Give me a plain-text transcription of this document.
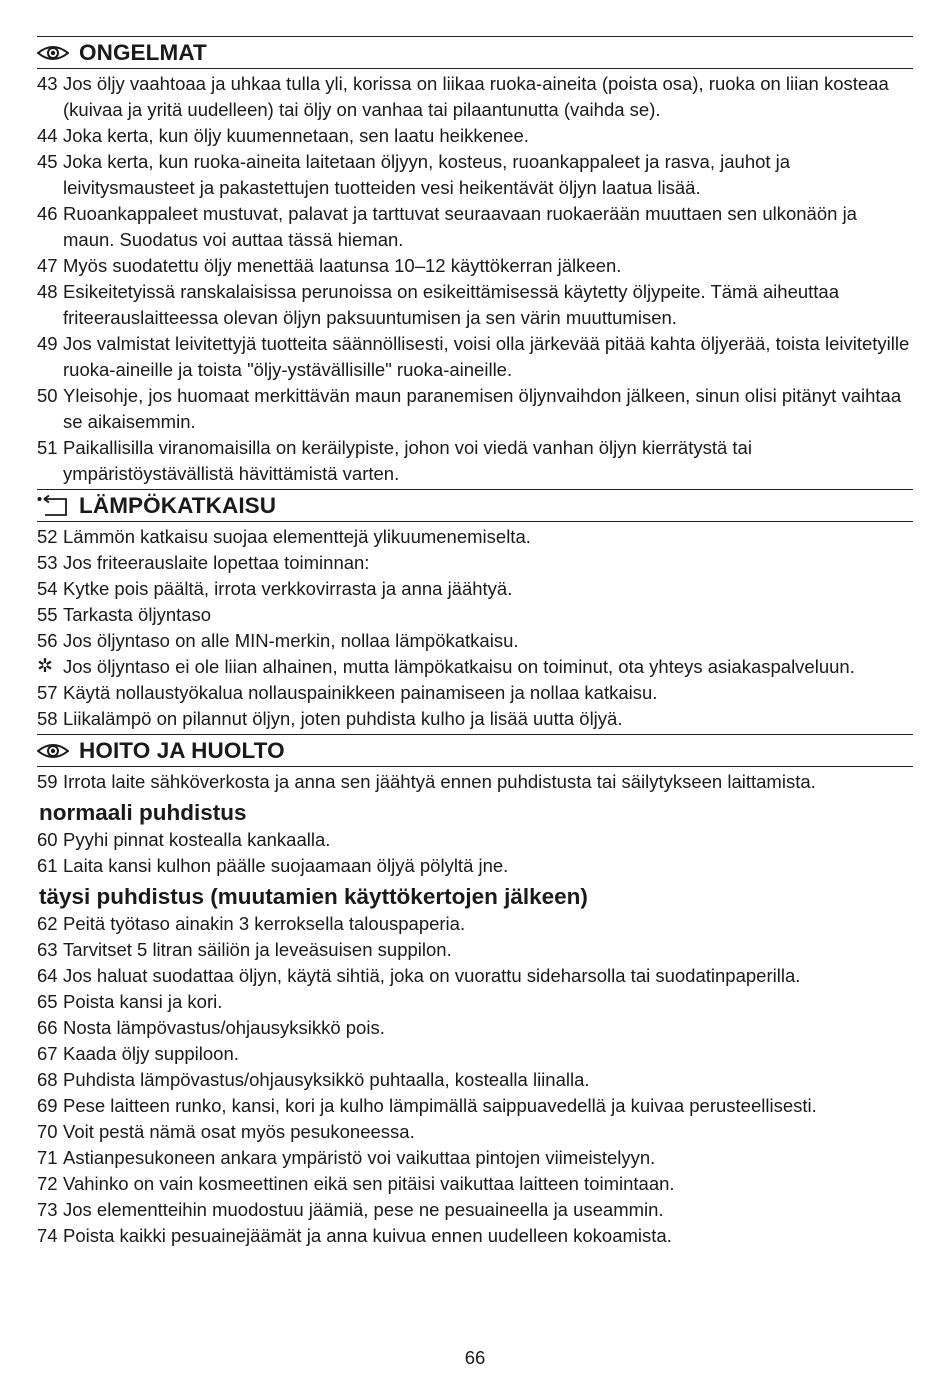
ONGELMAT
43 Jos öljy vaahtoaa ja uhkaa tulla yli, korissa on liikaa ruoka-aineita (poista osa), ruoka on liian kosteaa (kuivaa ja yritä uudelleen) tai öljy on vanhaa tai pilaantunutta (vaihda se).
44 Joka kerta, kun öljy kuumennetaan, sen laatu heikkenee.
45 Joka kerta, kun ruoka-aineita laitetaan öljyyn, kosteus, ruoankappaleet ja rasva, jauhot ja leivitysmausteet ja pakastettujen tuotteiden vesi heikentävät öljyn laatua lisää.
46 Ruoankappaleet mustuvat, palavat ja tarttuvat seuraavaan ruokaerään muuttaen sen ulkonäön ja maun. Suodatus voi auttaa tässä hieman.
47 Myös suodatettu öljy menettää laatunsa 10–12 käyttökerran jälkeen.
48 Esikeitetyissä ranskalaisissa perunoissa on esikeittämisessä käytetty öljypeite. Tämä aiheuttaa friteerauslaitteessa olevan öljyn paksuuntumisen ja sen värin muuttumisen.
49 Jos valmistat leivitettyjä tuotteita säännöllisesti, voisi olla järkevää pitää kahta öljyerää, toista leivitetyille ruoka-aineille ja toista "öljy-ystävällisille" ruoka-aineille.
50 Yleisohje, jos huomaat merkittävän maun paranemisen öljynvaihdon jälkeen, sinun olisi pitänyt vaihtaa se aikaisemmin.
51 Paikallisilla viranomaisilla on keräilypiste, johon voi viedä vanhan öljyn kierrätystä tai ympäristöystävällistä hävittämistä varten.
LÄMPÖKATKAISU
52 Lämmön katkaisu suojaa elementtejä ylikuumenemiselta.
53 Jos friteerauslaite lopettaa toiminnan:
54 Kytke pois päältä, irrota verkkovirrasta ja anna jäähtyä.
55 Tarkasta öljyntaso
56 Jos öljyntaso on alle MIN-merkin, nollaa lämpökatkaisu.
✲ Jos öljyntaso ei ole liian alhainen, mutta lämpökatkaisu on toiminut, ota yhteys asiakaspalveluun.
57 Käytä nollaustyökalua nollauspainikkeen painamiseen ja nollaa katkaisu.
58 Liikalämpö on pilannut öljyn, joten puhdista kulho ja lisää uutta öljyä.
HOITO JA HUOLTO
59 Irrota laite sähköverkosta ja anna sen jäähtyä ennen puhdistusta tai säilytykseen laittamista.
normaali puhdistus
60 Pyyhi pinnat kostealla kankaalla.
61 Laita kansi kulhon päälle suojaamaan öljyä pölyltä jne.
täysi puhdistus (muutamien käyttökertojen jälkeen)
62 Peitä työtaso ainakin 3 kerroksella talouspaperia.
63 Tarvitset 5 litran säiliön ja leveäsuisen suppilon.
64 Jos haluat suodattaa öljyn, käytä sihtiä, joka on vuorattu sideharsolla tai suodatinpaperilla.
65 Poista kansi ja kori.
66 Nosta lämpövastus/ohjausyksikkö pois.
67 Kaada öljy suppiloon.
68 Puhdista lämpövastus/ohjausyksikkö puhtaalla, kostealla liinalla.
69 Pese laitteen runko, kansi, kori ja kulho lämpimällä saippuavedellä ja kuivaa perusteellisesti.
70 Voit pestä nämä osat myös pesukoneessa.
71 Astianpesukoneen ankara ympäristö voi vaikuttaa pintojen viimeistelyyn.
72 Vahinko on vain kosmeettinen eikä sen pitäisi vaikuttaa laitteen toimintaan.
73 Jos elementteihin muodostuu jäämiä, pese ne pesuaineella ja useammin.
74 Poista kaikki pesuainejäämät ja anna kuivua ennen uudelleen kokoamista.
66
